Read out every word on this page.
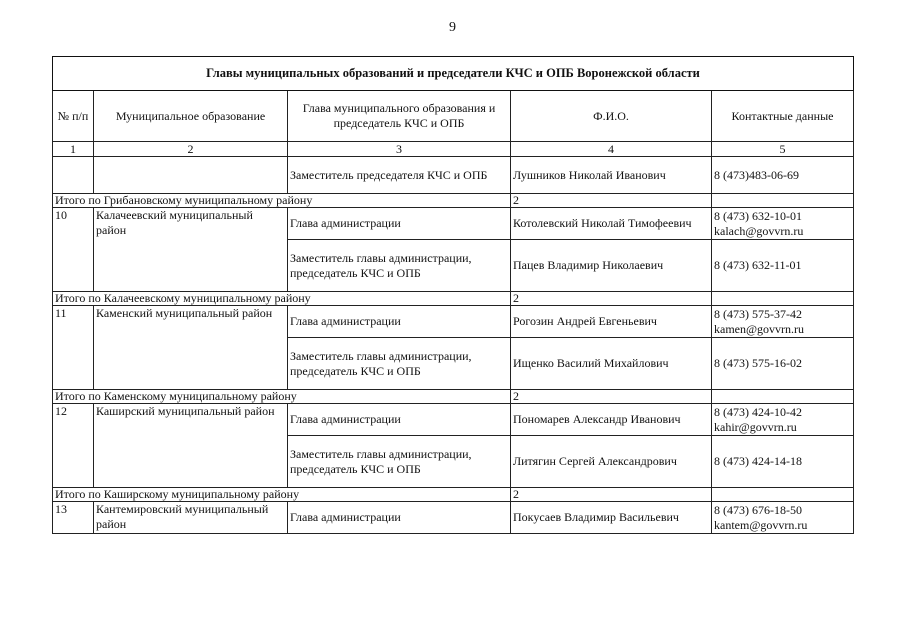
9
Главы муниципальных образований и председатели КЧС и ОПБ Воронежской области				
№ п/п	Муниципальное образование	Глава муниципального образования и председатель КЧС и ОПБ	Ф.И.О.	Контактные данные
1	2	3	4	5
		Заместитель председателя КЧС и ОПБ	Лушников Николай Иванович	8 (473)483-06-69

Итого по Грибановскому муниципальному району			2	
10	Калачеевский муниципальный район	Глава администрации	Котолевский Николай Тимофеевич	8 (473) 632-10-01
kalach@govvrn.ru

		Заместитель главы администрации, председатель КЧС и ОПБ	Пацев Владимир Николаевич	8 (473) 632-11-01

Итого по Калачеевскому муниципальному району			2	
11	Каменский муниципальный район	Глава администрации	Рогозин Андрей Евгеньевич	8 (473) 575-37-42
kamen@govvrn.ru

		Заместитель главы администрации, председатель КЧС и ОПБ	Ищенко Василий Михайлович	8 (473) 575-16-02

Итого по Каменскому муниципальному району			2	
12	Каширский муниципальный район	Глава администрации	Пономарев Александр Иванович	8 (473) 424-10-42
kahir@govvrn.ru

		Заместитель главы администрации, председатель КЧС и ОПБ	Литягин Сергей Александрович	8 (473) 424-14-18

Итого по Каширскому муниципальному району			2	
13	Кантемировский муниципальный район	Глава администрации	Покусаев Владимир Васильевич	8 (473) 676-18-50
kantem@govvrn.ru
